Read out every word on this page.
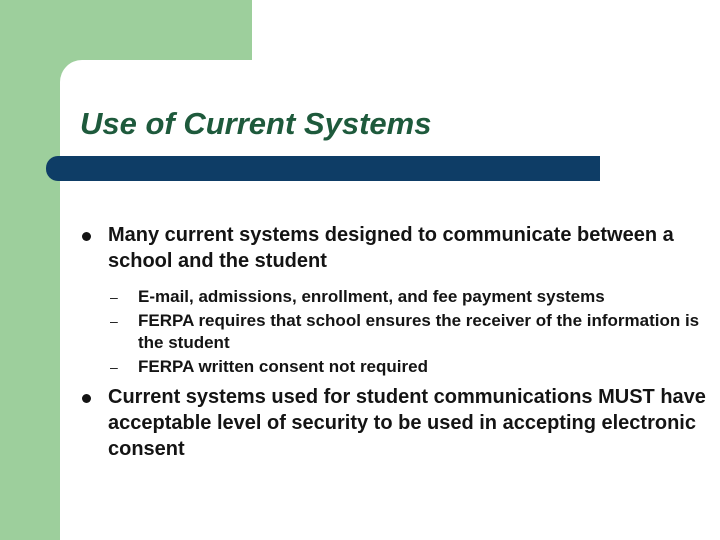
Use of Current Systems
Many current systems designed to communicate between a school and the student
– E-mail, admissions, enrollment, and fee payment systems
– FERPA requires that school ensures the receiver of the information is the student
– FERPA written consent not required
Current systems used for student communications MUST have acceptable level of security to be used in accepting electronic consent
